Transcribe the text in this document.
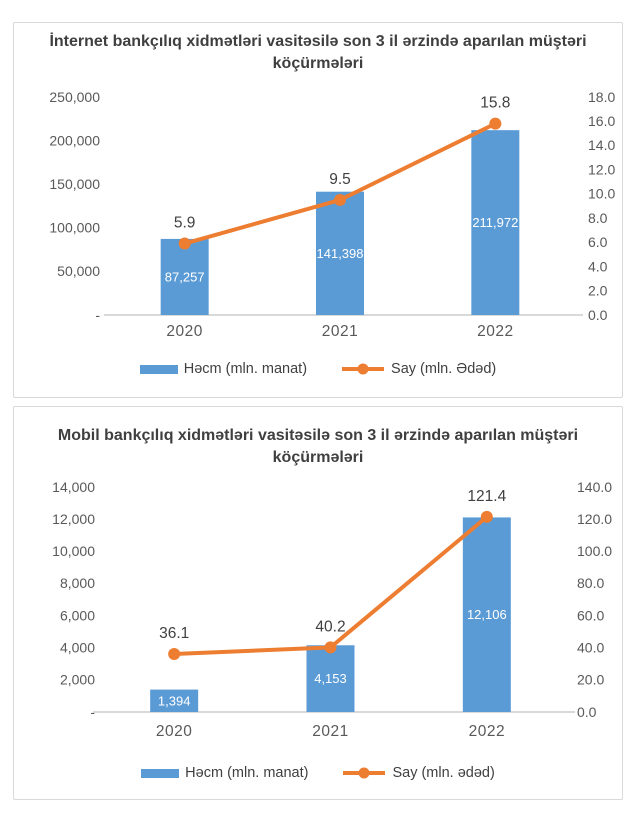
İnternet bankçılıq xidmətləri vasitəsilə son 3 il ərzində aparılan müştəri köçürmələri
250,000
200,000
150,000
100,000
50,000
-
18.0
16.0
14.0
12.0
10.0
8.0
6.0
4.0
2.0
0.0
2020	2021	2022
87,257
141,398
211,972
5.9
9.5
15.8
Həcm (mln. manat)	Say (mln. Ədəd)
Mobil bankçılıq xidmətləri vasitəsilə son 3 il ərzində aparılan müştəri köçürmələri
14,000
12,000
10,000
8,000
6,000
4,000
2,000
-
140.0
120.0
100.0
80.0
60.0
40.0
20.0
0.0
2020	2021	2022
1,394
4,153
12,106
36.1	40.2
121.4
Həcm (mln. manat)	Say (mln. ədəd)
